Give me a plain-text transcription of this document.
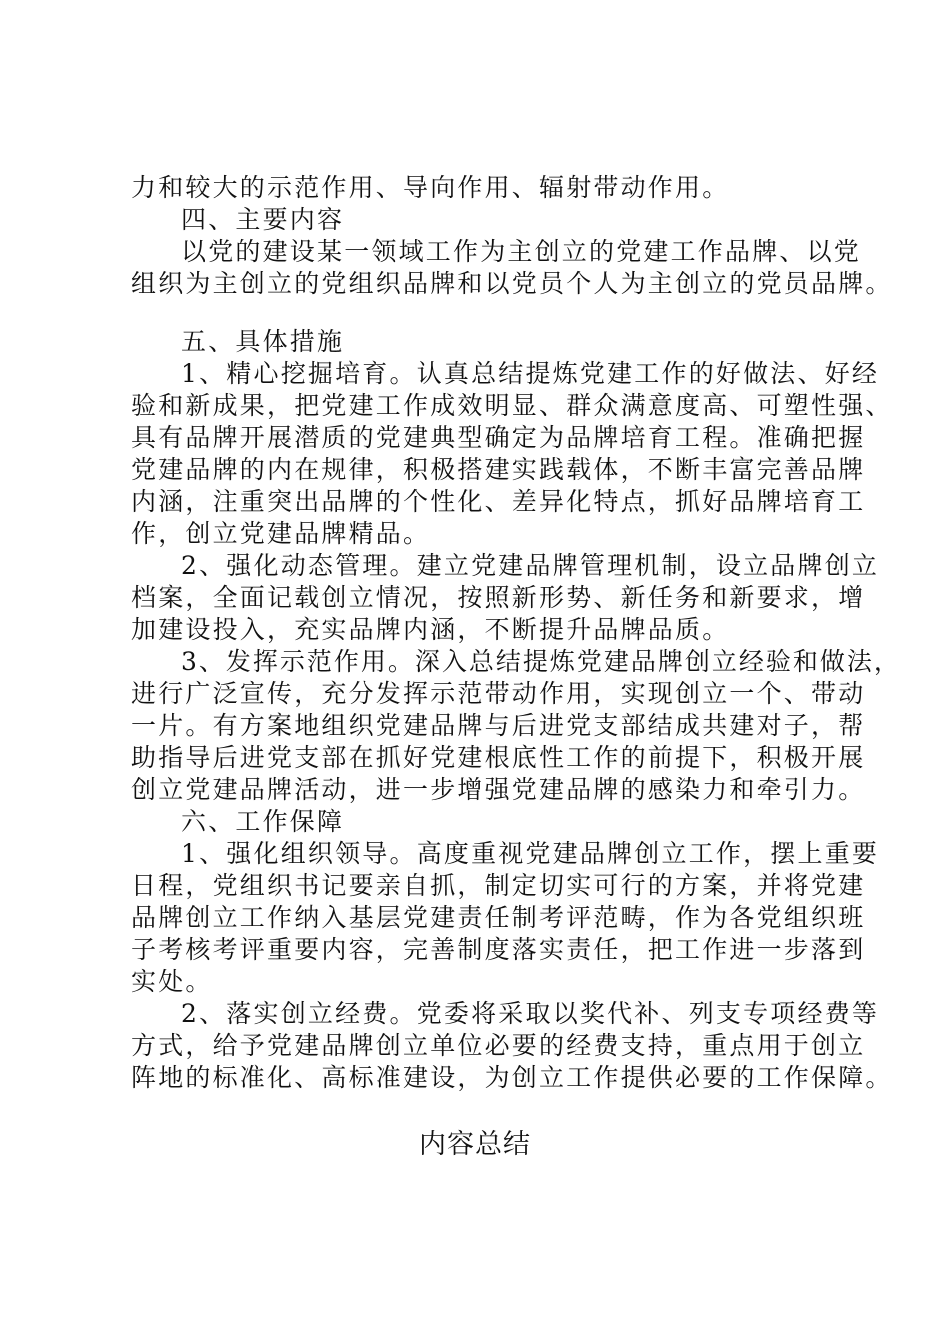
力和较大的示范作用、导向作用、辐射带动作用。
四、主要内容
以党的建设某一领域工作为主创立的党建工作品牌、以党
组织为主创立的党组织品牌和以党员个人为主创立的党员品牌。
五、具体措施
1、精心挖掘培育。认真总结提炼党建工作的好做法、好经
验和新成果，把党建工作成效明显、群众满意度高、可塑性强、
具有品牌开展潜质的党建典型确定为品牌培育工程。准确把握
党建品牌的内在规律，积极搭建实践载体，不断丰富完善品牌
内涵，注重突出品牌的个性化、差异化特点，抓好品牌培育工
作，创立党建品牌精品。
2、强化动态管理。建立党建品牌管理机制，设立品牌创立
档案，全面记载创立情况，按照新形势、新任务和新要求，增
加建设投入，充实品牌内涵，不断提升品牌品质。
3、发挥示范作用。深入总结提炼党建品牌创立经验和做法，
进行广泛宣传，充分发挥示范带动作用，实现创立一个、带动
一片。有方案地组织党建品牌与后进党支部结成共建对子，帮
助指导后进党支部在抓好党建根底性工作的前提下，积极开展
创立党建品牌活动，进一步增强党建品牌的感染力和牵引力。
六、工作保障
1、强化组织领导。高度重视党建品牌创立工作，摆上重要
日程，党组织书记要亲自抓，制定切实可行的方案，并将党建
品牌创立工作纳入基层党建责任制考评范畴，作为各党组织班
子考核考评重要内容，完善制度落实责任，把工作进一步落到
实处。
2、落实创立经费。党委将采取以奖代补、列支专项经费等
方式，给予党建品牌创立单位必要的经费支持，重点用于创立
阵地的标准化、高标准建设，为创立工作提供必要的工作保障。
内容总结
